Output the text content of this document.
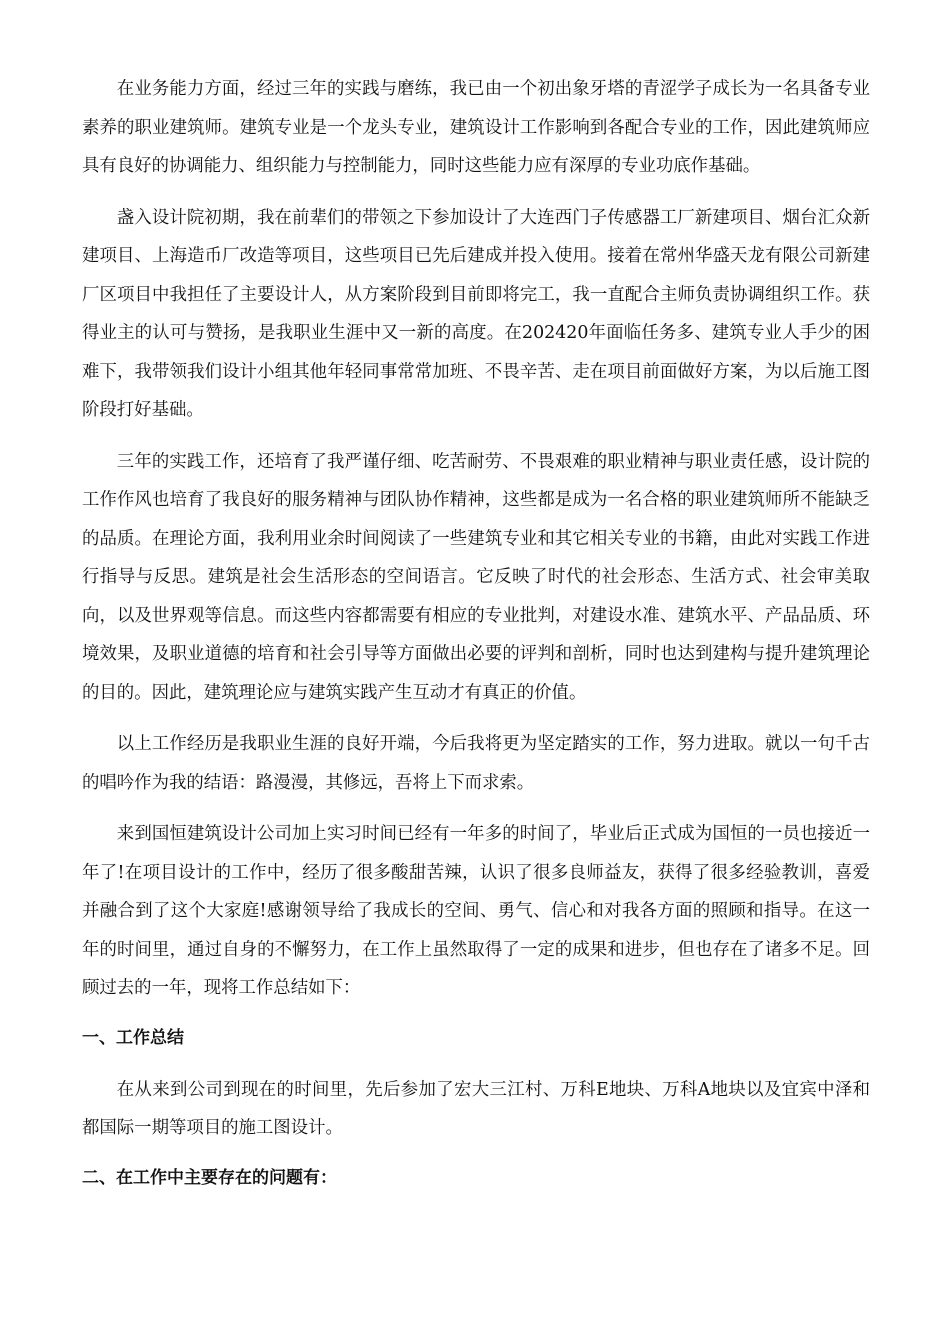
在业务能力方面，经过三年的实践与磨练，我已由一个初出象牙塔的青涩学子成长为一名具备专业素养的职业建筑师。建筑专业是一个龙头专业，建筑设计工作影响到各配合专业的工作，因此建筑师应具有良好的协调能力、组织能力与控制能力，同时这些能力应有深厚的专业功底作基础。

盏入设计院初期，我在前辈们的带领之下参加设计了大连西门子传感器工厂新建项目、烟台汇众新建项目、上海造币厂改造等项目，这些项目已先后建成并投入使用。接着在常州华盛天龙有限公司新建厂区项目中我担任了主要设计人，从方案阶段到目前即将完工，我一直配合主师负责协调组织工作。获得业主的认可与赞扬，是我职业生涯中又一新的高度。在202420年面临任务多、建筑专业人手少的困难下，我带领我们设计小组其他年轻同事常常加班、不畏辛苦、走在项目前面做好方案，为以后施工图阶段打好基础。

三年的实践工作，还培育了我严谨仔细、吃苦耐劳、不畏艰难的职业精神与职业责任感，设计院的工作作风也培育了我良好的服务精神与团队协作精神，这些都是成为一名合格的职业建筑师所不能缺乏的品质。在理论方面，我利用业余时间阅读了一些建筑专业和其它相关专业的书籍，由此对实践工作进行指导与反思。建筑是社会生活形态的空间语言。它反映了时代的社会形态、生活方式、社会审美取向，以及世界观等信息。而这些内容都需要有相应的专业批判，对建设水准、建筑水平、产品品质、环境效果，及职业道德的培育和社会引导等方面做出必要的评判和剖析，同时也达到建构与提升建筑理论的目的。因此，建筑理论应与建筑实践产生互动才有真正的价值。

以上工作经历是我职业生涯的良好开端，今后我将更为坚定踏实的工作，努力进取。就以一句千古的唱吟作为我的结语：路漫漫，其修远，吾将上下而求索。

来到国恒建筑设计公司加上实习时间已经有一年多的时间了，毕业后正式成为国恒的一员也接近一年了!在项目设计的工作中，经历了很多酸甜苦辣，认识了很多良师益友，获得了很多经验教训，喜爱并融合到了这个大家庭!感谢领导给了我成长的空间、勇气、信心和对我各方面的照顾和指导。在这一年的时间里，通过自身的不懈努力，在工作上虽然取得了一定的成果和进步，但也存在了诸多不足。回顾过去的一年，现将工作总结如下：

一、工作总结

在从来到公司到现在的时间里，先后参加了宏大三江村、万科E地块、万科A地块以及宜宾中泽和都国际一期等项目的施工图设计。

二、在工作中主要存在的问题有：
